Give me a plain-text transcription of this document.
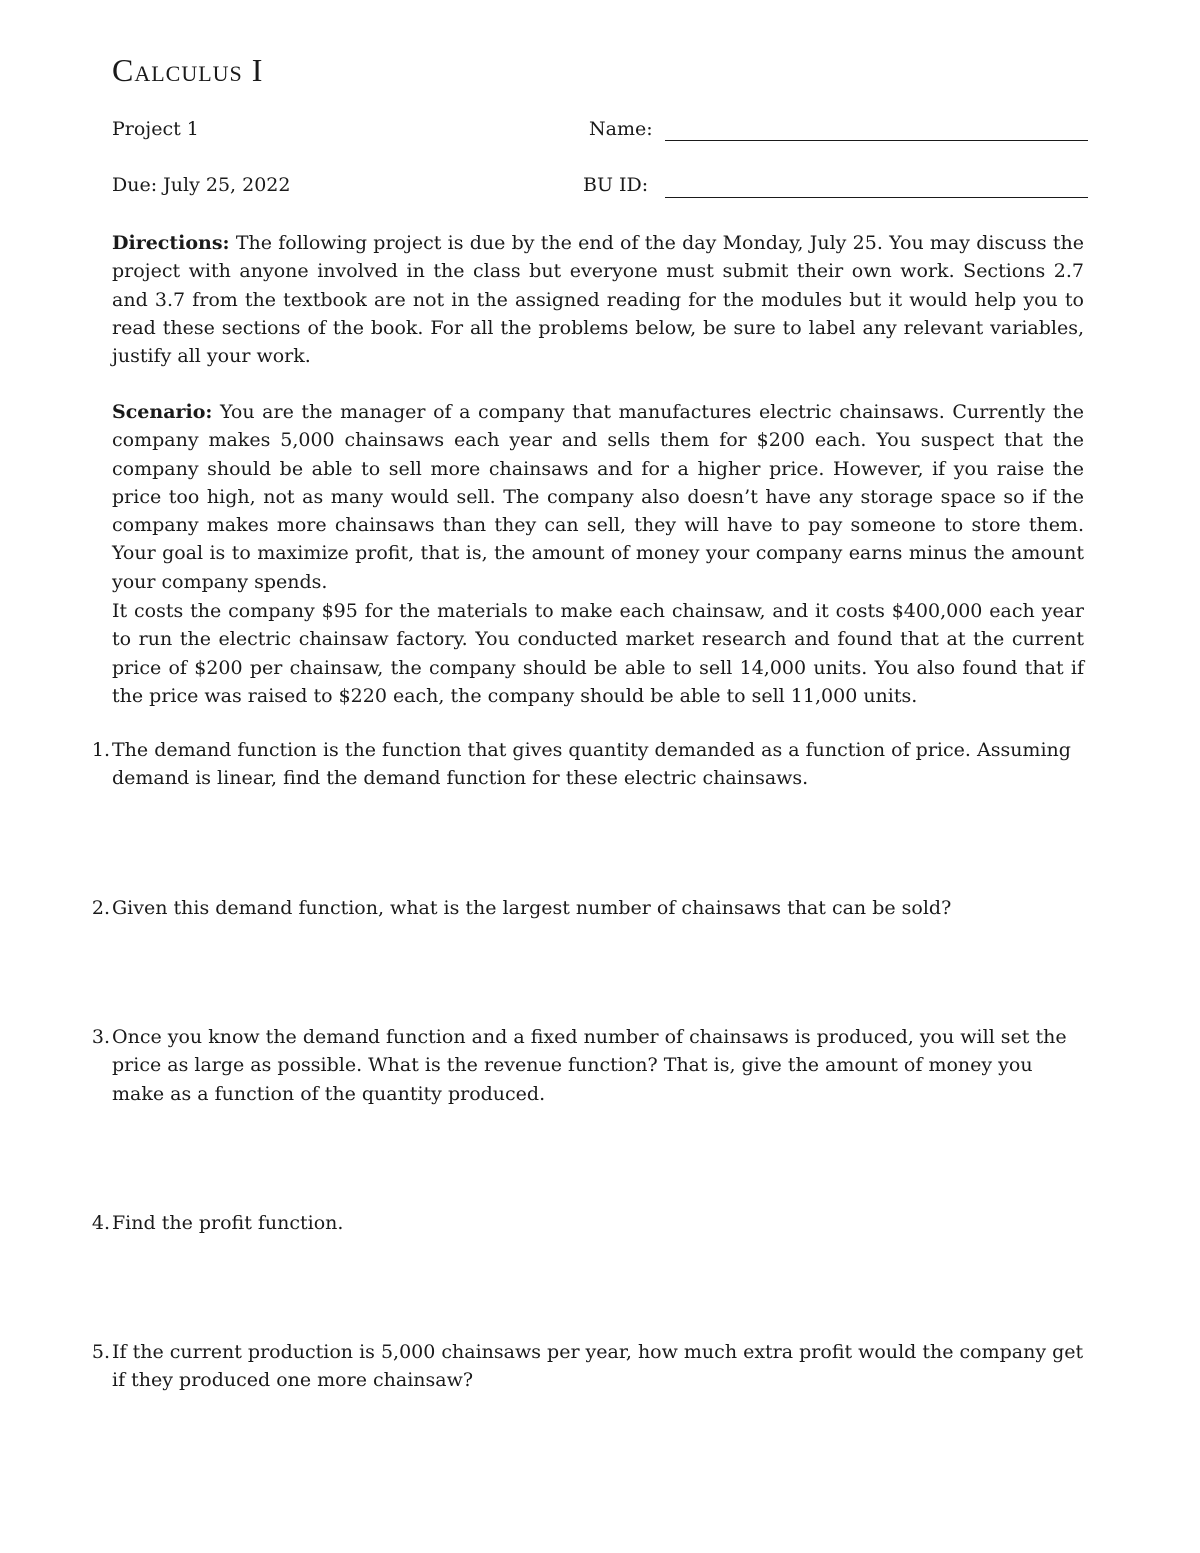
Calculus I
Project 1	Name:
Due: July 25, 2022	BU ID:
Directions: The following project is due by the end of the day Monday, July 25. You may discuss the project with anyone involved in the class but everyone must submit their own work. Sections 2.7 and 3.7 from the textbook are not in the assigned reading for the modules but it would help you to read these sections of the book. For all the problems below, be sure to label any relevant variables, justify all your work.
Scenario: You are the manager of a company that manufactures electric chainsaws. Currently the company makes 5,000 chainsaws each year and sells them for $200 each. You suspect that the company should be able to sell more chainsaws and for a higher price. However, if you raise the price too high, not as many would sell. The company also doesn’t have any storage space so if the company makes more chainsaws than they can sell, they will have to pay someone to store them. Your goal is to maximize profit, that is, the amount of money your company earns minus the amount your company spends.
It costs the company $95 for the materials to make each chainsaw, and it costs $400,000 each year to run the electric chainsaw factory. You conducted market research and found that at the current price of $200 per chainsaw, the company should be able to sell 14,000 units. You also found that if the price was raised to $220 each, the company should be able to sell 11,000 units.
1. The demand function is the function that gives quantity demanded as a function of price. Assuming demand is linear, find the demand function for these electric chainsaws.
2. Given this demand function, what is the largest number of chainsaws that can be sold?
3. Once you know the demand function and a fixed number of chainsaws is produced, you will set the price as large as possible. What is the revenue function? That is, give the amount of money you make as a function of the quantity produced.
4. Find the profit function.
5. If the current production is 5,000 chainsaws per year, how much extra profit would the company get if they produced one more chainsaw?
